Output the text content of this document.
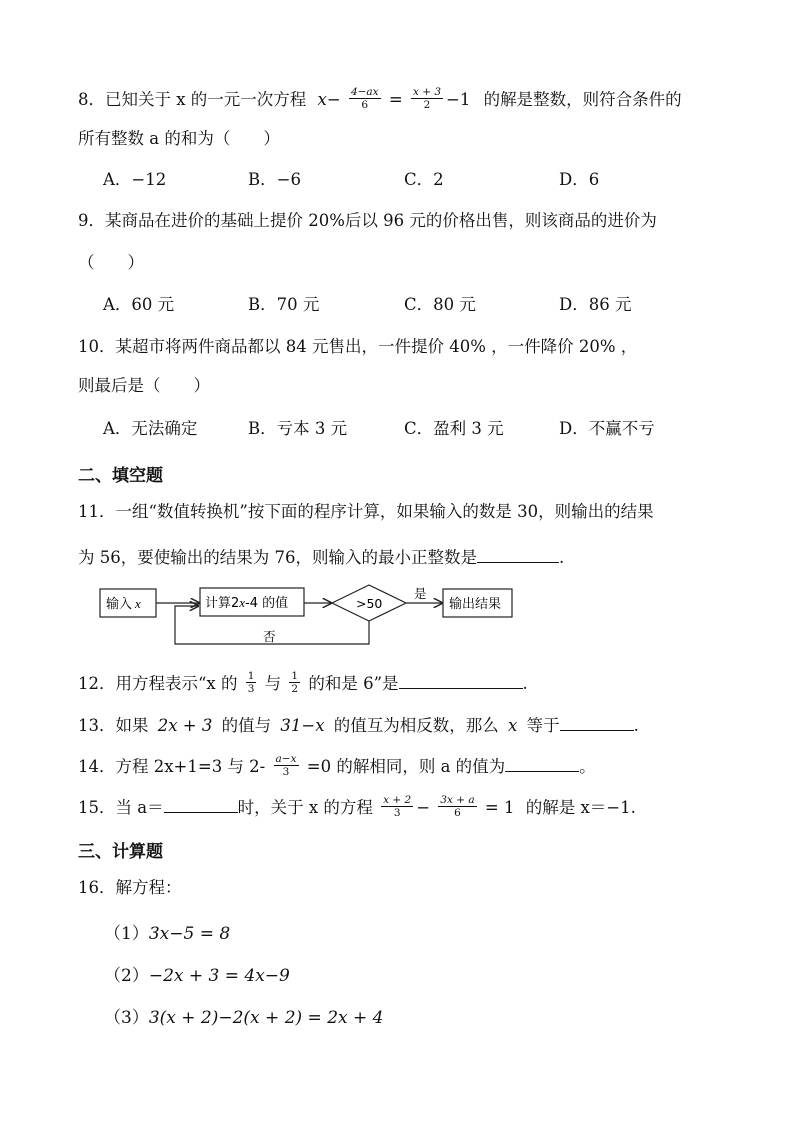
8．已知关于 x 的一元一次方程 $x- \frac{4-ax}{6} = \frac{x + 3}{2} -1$ 的解是整数，则符合条件的
所有整数 a 的和为（　　）
A．−12	B．−6	C．2	D．6
9．某商品在进价的基础上提价 20%后以 96 元的价格出售，则该商品的进价为
（　　）
A．60 元	B．70 元	C．80 元	D．86 元
10．某超市将两件商品都以 84 元售出，一件提价 40% ，一件降价 20% ，
则最后是（　　）
A．无法确定	B．亏本 3 元	C．盈利 3 元	D．不赢不亏
二、填空题
11．一组“数值转换机”按下面的程序计算，如果输入的数是 30，则输出的结果
为 56，要使输出的结果为 76，则输入的最小正整数是	.
输入 x	计算2x-4 的值	>50
是
输出结果
否
12．用方程表示“x 的 $\frac{1}{3}$ 与 $\frac{1}{2}$ 的和是 6”是	.
13．如果 2x + 3 的值与 31−x 的值互为相反数，那么 x 等于	.
14．方程 2x+1=3 与 $2- \frac{a-x}{3} =0$ 的解相同，则 a 的值为	。
15．当 a＝	时，关于 x 的方程 $\frac{x + 2}{3} - \frac{3x + a}{6} = 1$ 的解是 x＝−1.
三、计算题
16．解方程：
（1）3x−5 = 8
（2）−2x + 3 = 4x−9
（3）3(x + 2)−2(x + 2) = 2x + 4
